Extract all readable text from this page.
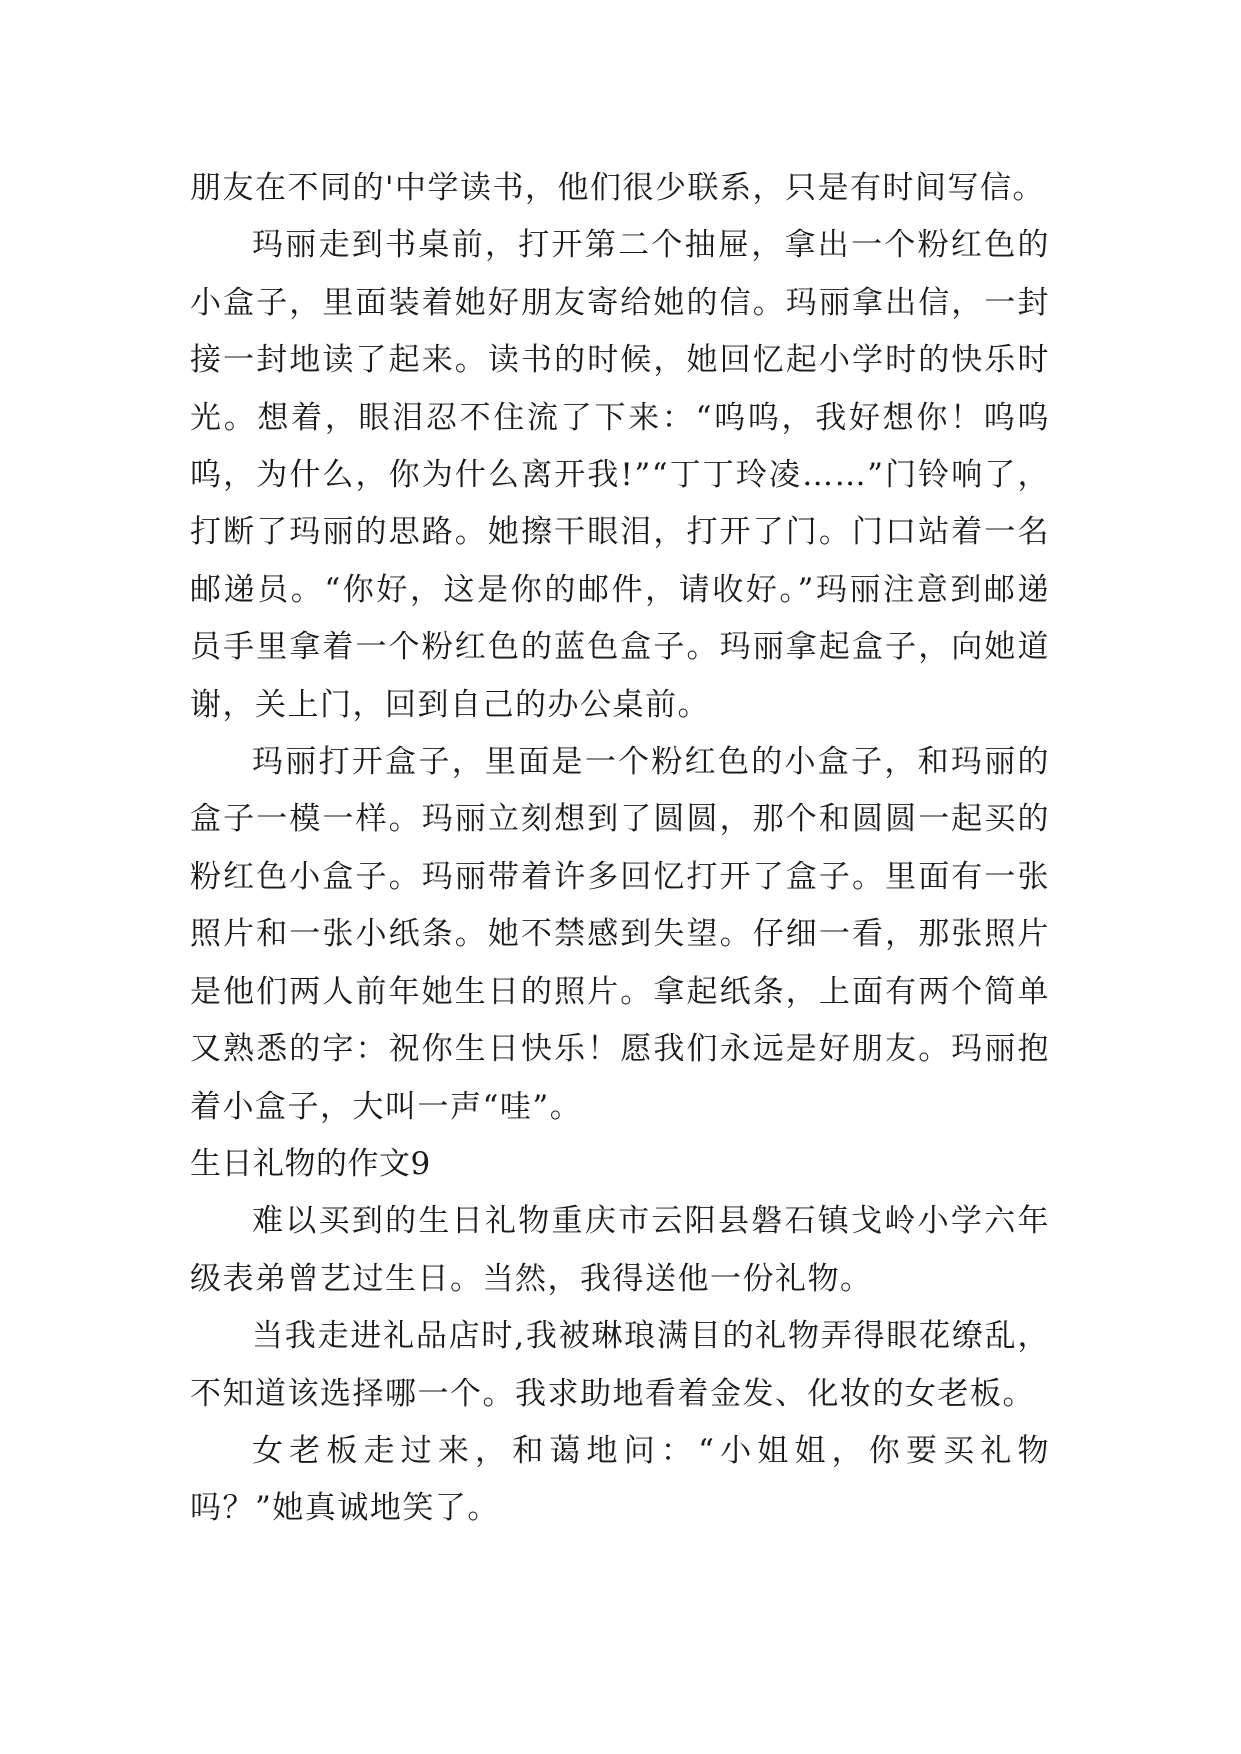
朋友在不同的'中学读书，他们很少联系，只是有时间写信。

玛丽走到书桌前，打开第二个抽屉，拿出一个粉红色的小盒子，里面装着她好朋友寄给她的信。玛丽拿出信，一封接一封地读了起来。读书的时候，她回忆起小学时的快乐时光。想着，眼泪忍不住流了下来：“呜呜，我好想你！呜呜呜，为什么，你为什么离开我!”“丁丁玲凌……”门铃响了，打断了玛丽的思路。她擦干眼泪，打开了门。门口站着一名邮递员。“你好，这是你的邮件，请收好。”玛丽注意到邮递员手里拿着一个粉红色的蓝色盒子。玛丽拿起盒子，向她道谢，关上门，回到自己的办公桌前。

玛丽打开盒子，里面是一个粉红色的小盒子，和玛丽的盒子一模一样。玛丽立刻想到了圆圆，那个和圆圆一起买的粉红色小盒子。玛丽带着许多回忆打开了盒子。里面有一张照片和一张小纸条。她不禁感到失望。仔细一看，那张照片是他们两人前年她生日的照片。拿起纸条，上面有两个简单又熟悉的字：祝你生日快乐！愿我们永远是好朋友。玛丽抱着小盒子，大叫一声“哇”。

生日礼物的作文9

难以买到的生日礼物重庆市云阳县磐石镇戈岭小学六年级表弟曾艺过生日。当然，我得送他一份礼物。

当我走进礼品店时,我被琳琅满目的礼物弄得眼花缭乱，不知道该选择哪一个。我求助地看着金发、化妆的女老板。

女老板走过来，和蔼地问：“小姐姐，你要买礼物吗？”她真诚地笑了。
